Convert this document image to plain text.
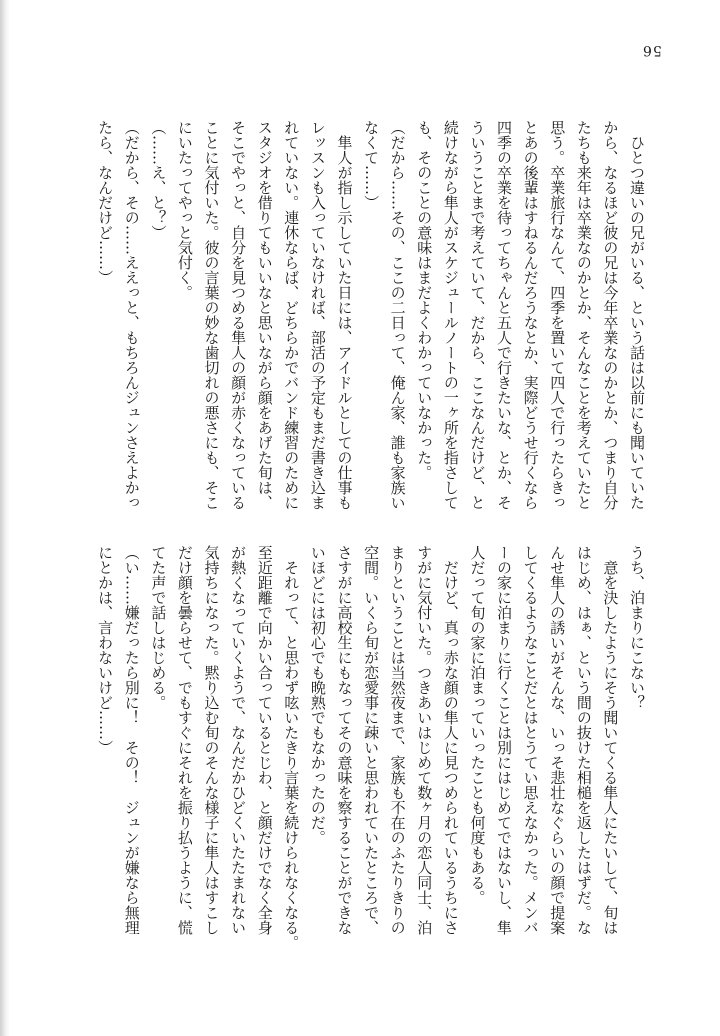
56
　ひとつ違いの兄がいる、という話は以前にも聞いていた
から、なるほど彼の兄は今年卒業なのかとか、つまり自分
たちも来年は卒業なのかとか、そんなことを考えていたと
思う。卒業旅行なんて、四季を置いて四人で行ったらきっ
とあの後輩はすねるんだろうなとか、実際どうせ行くなら
四季の卒業を待ってちゃんと五人で行きたいな、とか、そ
ういうことまで考えていて、だから、ここなんだけど、と
続けながら隼人がスケジュールノートの一ヶ所を指さして
も、そのことの意味はまだよくわかっていなかった。
（だから……その、ここの二日って、俺ん家、誰も家族い
なくて……）
　隼人が指し示していた日には、アイドルとしての仕事も
レッスンも入っていなければ、部活の予定もまだ書き込ま
れていない。連休ならば、どちらかでバンド練習のために
スタジオを借りてもいいなと思いながら顔をあげた旬は、
そこでやっと、自分を見つめる隼人の顔が赤くなっている
ことに気付いた。彼の言葉の妙な歯切れの悪さにも、そこ
にいたってやっと気付く。
（……え、と？）
（だから、その……ええっと、もちろんジュンさえよかっ
たら、なんだけど……）
うち、泊まりにこない？
　意を決したようにそう聞いてくる隼人にたいして、旬は
はじめ、はぁ、という間の抜けた相槌を返したはずだ。な
んせ隼人の誘いがそんな、いっそ悲壮なぐらいの顔で提案
してくるようなことだとはとうてい思えなかった。メンバ
ーの家に泊まりに行くことは別にはじめてではないし、隼
人だって旬の家に泊まっていったことも何度もある。
　だけど、真っ赤な顔の隼人に見つめられているうちにさ
すがに気付いた。つきあいはじめて数ヶ月の恋人同士、泊
まりということは当然夜まで、家族も不在のふたりきりの
空間。いくら旬が恋愛事に疎いと思われていたところで、
さすがに高校生にもなってその意味を察することができな
いほどには初心でも晩熟でもなかったのだ。
　それって、と思わず呟いたきり言葉を続けられなくなる。
至近距離で向かい合っているとじわ、と顔だけでなく全身
が熱くなっていくようで、なんだかひどくいたたまれない
気持ちになった。黙り込む旬のそんな様子に隼人はすこし
だけ顔を曇らせて、でもすぐにそれを振り払うように、慌
てた声で話しはじめる。
（い……嫌だったら別に！　その！　ジュンが嫌なら無理
にとかは、言わないけど……）
